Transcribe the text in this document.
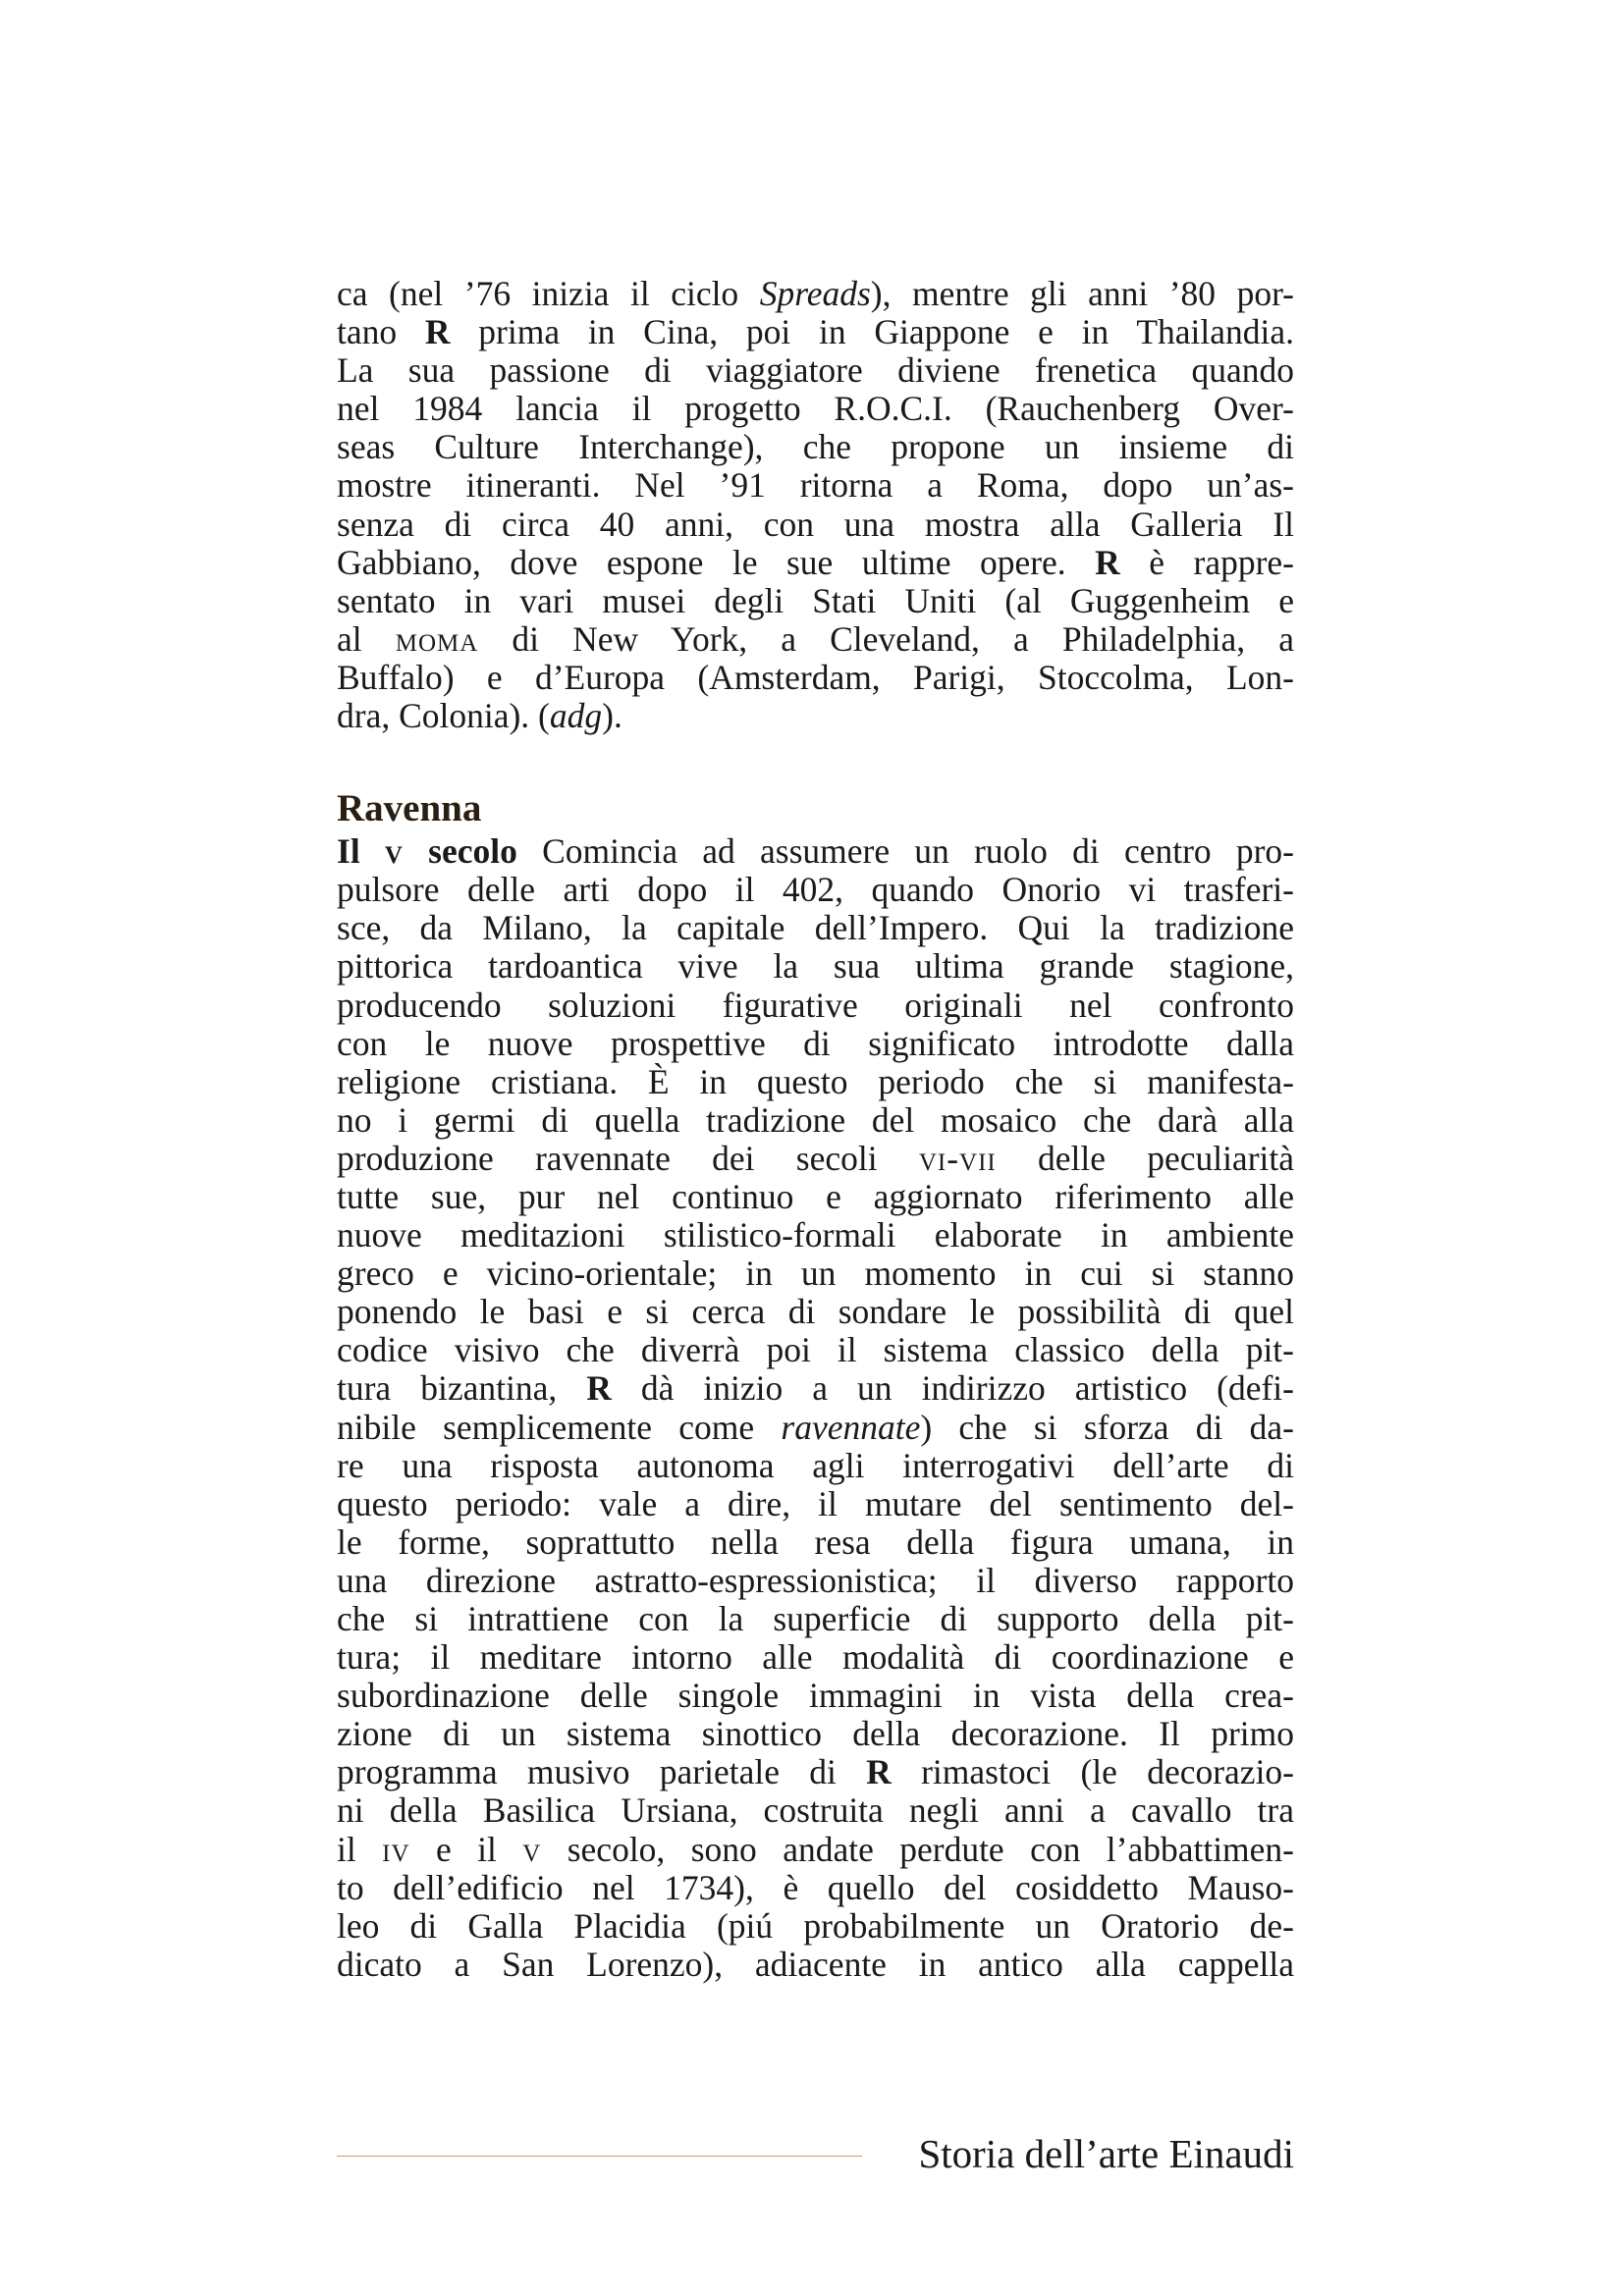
ca (nel ’76 inizia il ciclo Spreads), mentre gli anni ’80 por-
tano R prima in Cina, poi in Giappone e in Thailandia.
La sua passione di viaggiatore diviene frenetica quando
nel 1984 lancia il progetto R.O.C.I. (Rauchenberg Over-
seas Culture Interchange), che propone un insieme di
mostre itineranti. Nel ’91 ritorna a Roma, dopo un’as-
senza di circa 40 anni, con una mostra alla Galleria Il
Gabbiano, dove espone le sue ultime opere. R è rappre-
sentato in vari musei degli Stati Uniti (al Guggenheim e
al moma di New York, a Cleveland, a Philadelphia, a
Buffalo) e d’Europa (Amsterdam, Parigi, Stoccolma, Lon-
dra, Colonia). (adg).
Ravenna
Il v secolo Comincia ad assumere un ruolo di centro pro-
pulsore delle arti dopo il 402, quando Onorio vi trasferi-
sce, da Milano, la capitale dell’Impero. Qui la tradizione
pittorica tardoantica vive la sua ultima grande stagione,
producendo soluzioni figurative originali nel confronto
con le nuove prospettive di significato introdotte dalla
religione cristiana. È in questo periodo che si manifesta-
no i germi di quella tradizione del mosaico che darà alla
produzione ravennate dei secoli vi-vii delle peculiarità
tutte sue, pur nel continuo e aggiornato riferimento alle
nuove meditazioni stilistico-formali elaborate in ambiente
greco e vicino-orientale; in un momento in cui si stanno
ponendo le basi e si cerca di sondare le possibilità di quel
codice visivo che diverrà poi il sistema classico della pit-
tura bizantina, R dà inizio a un indirizzo artistico (defi-
nibile semplicemente come ravennate) che si sforza di da-
re una risposta autonoma agli interrogativi dell’arte di
questo periodo: vale a dire, il mutare del sentimento del-
le forme, soprattutto nella resa della figura umana, in
una direzione astratto-espressionistica; il diverso rapporto
che si intrattiene con la superficie di supporto della pit-
tura; il meditare intorno alle modalità di coordinazione e
subordinazione delle singole immagini in vista della crea-
zione di un sistema sinottico della decorazione. Il primo
programma musivo parietale di R rimastoci (le decorazio-
ni della Basilica Ursiana, costruita negli anni a cavallo tra
il iv e il v secolo, sono andate perdute con l’abbattimen-
to dell’edificio nel 1734), è quello del cosiddetto Mauso-
leo di Galla Placidia (piú probabilmente un Oratorio de-
dicato a San Lorenzo), adiacente in antico alla cappella
Storia dell’arte Einaudi
